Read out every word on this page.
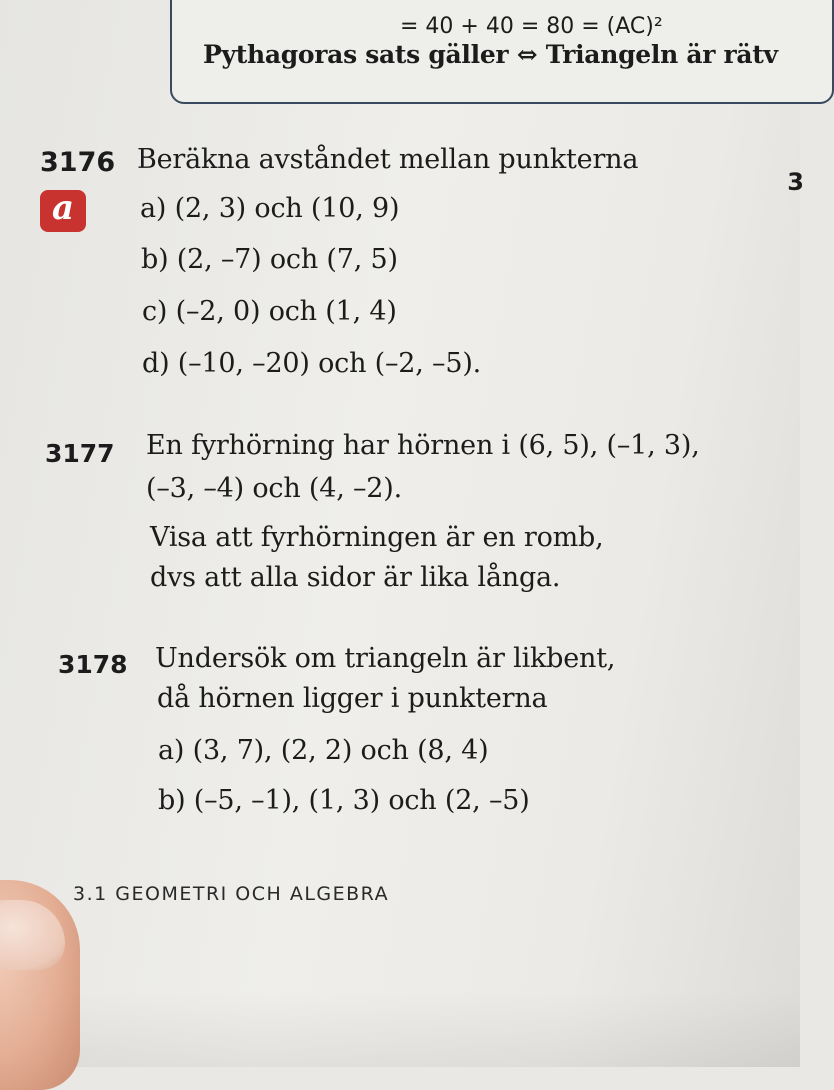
= 40 + 40 = 80 = (AC)²
Pythagoras sats gäller ⇔ Triangeln är rätv
3
3176 Beräkna avståndet mellan punkterna
a a) (2, 3) och (10, 9)
b) (2, –7) och (7, 5)
c) (–2, 0) och (1, 4)
d) (–10, –20) och (–2, –5).
3177 En fyrhörning har hörnen i (6, 5), (–1, 3),
(–3, –4) och (4, –2).
Visa att fyrhörningen är en romb,
dvs att alla sidor är lika långa.
3178 Undersök om triangeln är likbent,
då hörnen ligger i punkterna
a) (3, 7), (2, 2) och (8, 4)
b) (–5, –1), (1, 3) och (2, –5)
3.1 GEOMETRI OCH ALGEBRA
